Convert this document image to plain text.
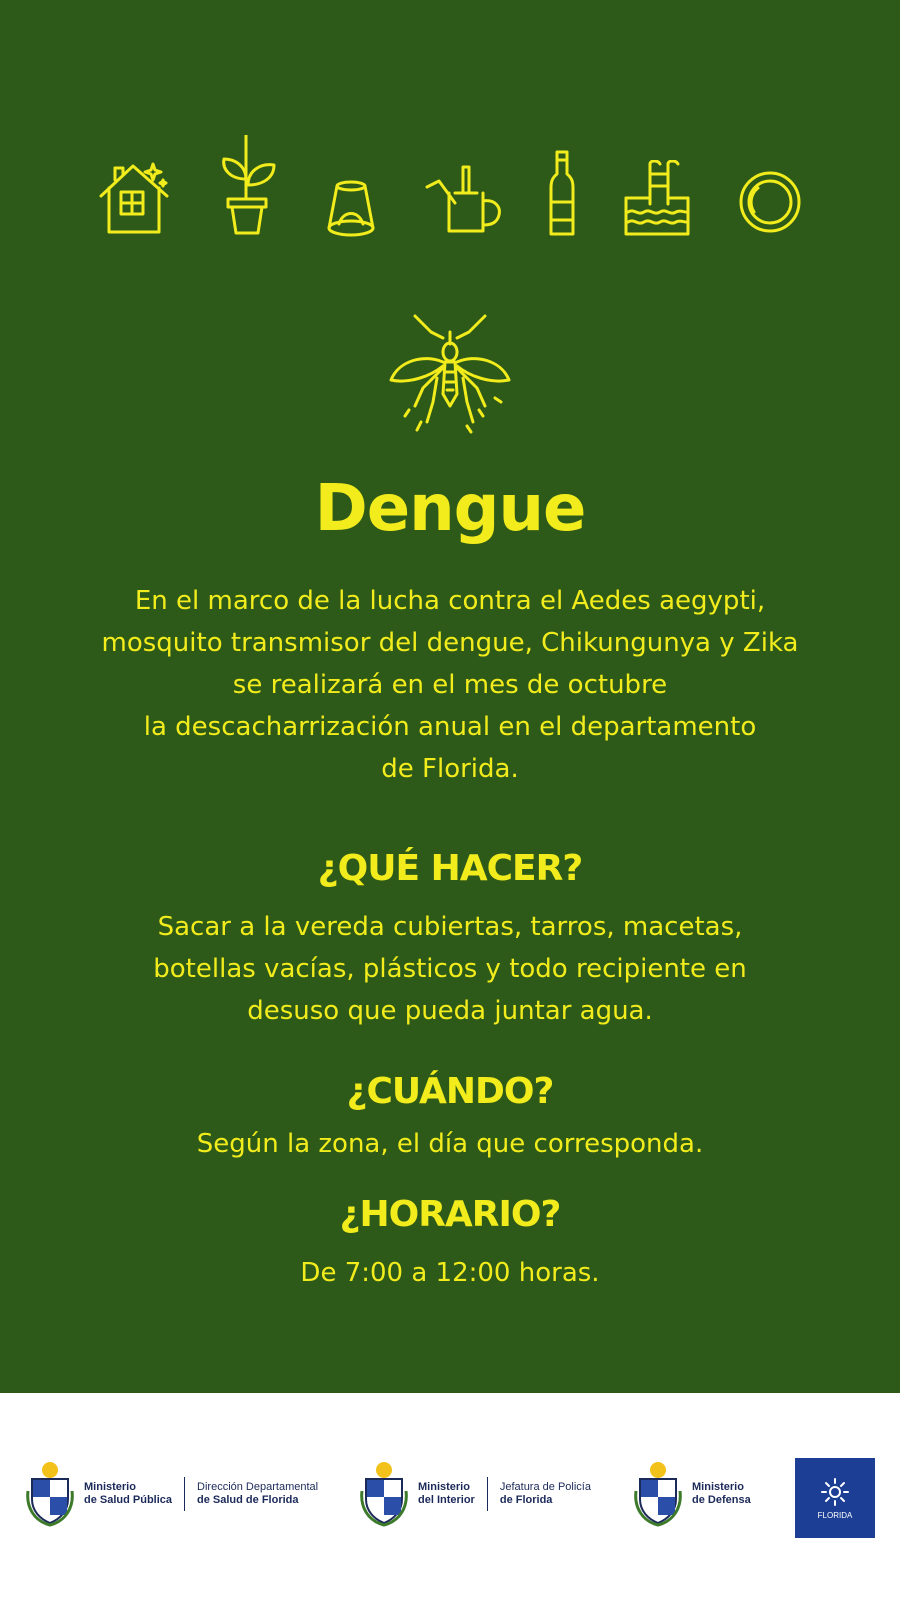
Dengue
En el marco de la lucha contra el Aedes aegypti,
mosquito transmisor del dengue, Chikungunya y Zika
se realizará en el mes de octubre
la descacharrización anual en el departamento
de Florida.
¿QUÉ HACER?
Sacar a la vereda cubiertas, tarros, macetas,
botellas vacías, plásticos y todo recipiente en
desuso que pueda juntar agua.
¿CUÁNDO?
Según la zona, el día que corresponda.
¿HORARIO?
De 7:00 a 12:00 horas.
Ministerio
de Salud Pública
Dirección Departamental
de Salud de Florida
Ministerio
del Interior
Jefatura de Policía
de Florida
Ministerio
de Defensa
FLORIDA
